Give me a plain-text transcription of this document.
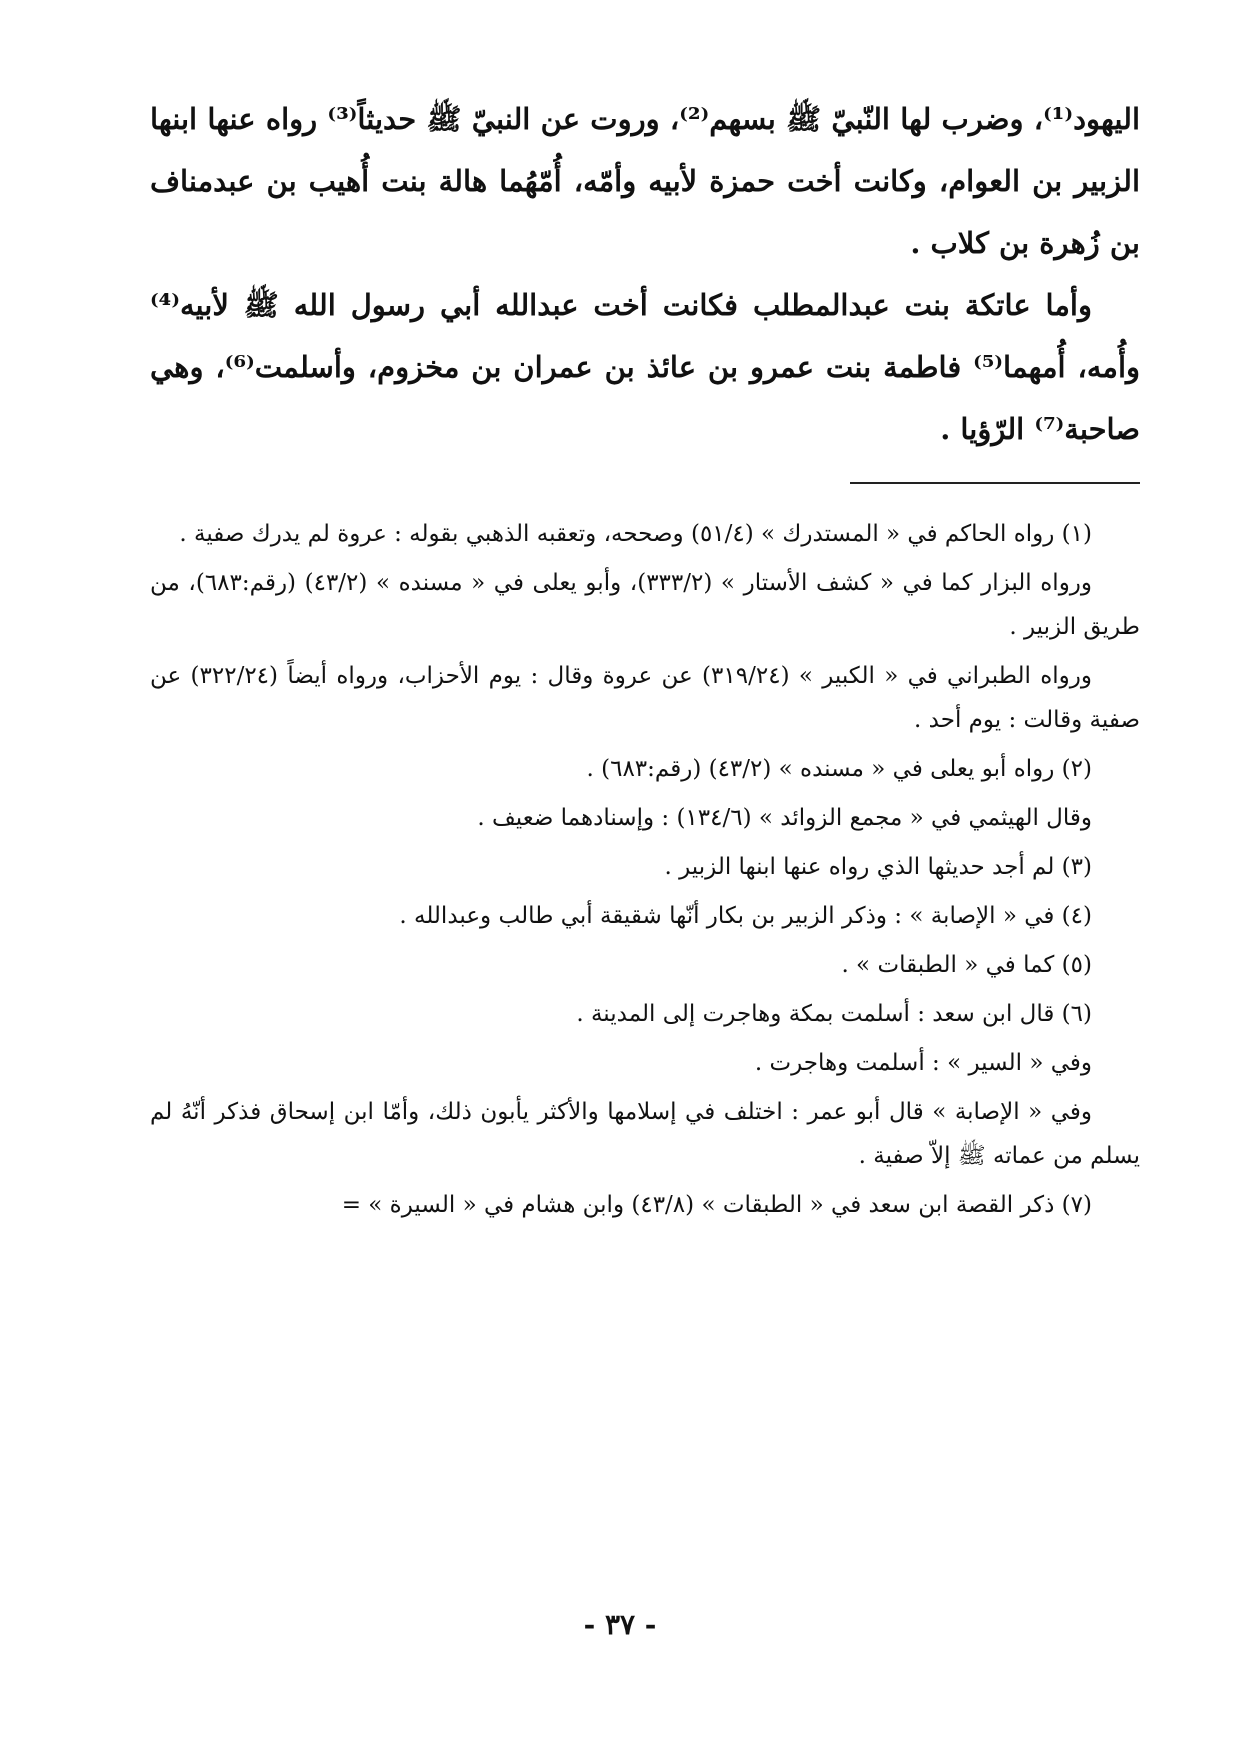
اليهود⁽¹⁾، وضرب لها النّبيّ ﷺ بسهم⁽²⁾، وروت عن النبيّ ﷺ حديثاً⁽³⁾ رواه عنها ابنها الزبير بن العوام، وكانت أخت حمزة لأبيه وأمّه، أُمّهُما هالة بنت أُهيب بن عبدمناف بن زُهرة بن كلاب .

وأما عاتكة بنت عبدالمطلب فكانت أخت عبدالله أبي رسول الله ﷺ لأبيه⁽⁴⁾ وأُمه، أُمهما⁽⁵⁾ فاطمة بنت عمرو بن عائذ بن عمران بن مخزوم، وأسلمت⁽⁶⁾، وهي صاحبة⁽⁷⁾ الرّؤيا .

(١) رواه الحاكم في « المستدرك » (٥١/٤) وصححه، وتعقبه الذهبي بقوله : عروة لم يدرك صفية .

ورواه البزار كما في « كشف الأستار » (٣٣٣/٢)، وأبو يعلى في « مسنده » (٤٣/٢) (رقم:٦٨٣)، من طريق الزبير .

ورواه الطبراني في « الكبير » (٣١٩/٢٤) عن عروة وقال : يوم الأحزاب، ورواه أيضاً (٣٢٢/٢٤) عن صفية وقالت : يوم أحد .

(٢) رواه أبو يعلى في « مسنده » (٤٣/٢) (رقم:٦٨٣) .

وقال الهيثمي في « مجمع الزوائد » (١٣٤/٦) : وإسنادهما ضعيف .

(٣) لم أجد حديثها الذي رواه عنها ابنها الزبير .

(٤) في « الإصابة » : وذكر الزبير بن بكار أنّها شقيقة أبي طالب وعبدالله .

(٥) كما في « الطبقات » .

(٦) قال ابن سعد : أسلمت بمكة وهاجرت إلى المدينة .

وفي « السير » : أسلمت وهاجرت .

وفي « الإصابة » قال أبو عمر : اختلف في إسلامها والأكثر يأبون ذلك، وأمّا ابن إسحاق فذكر أنّهُ لم يسلم من عماته ﷺ إلاّ صفية .

(٧) ذكر القصة ابن سعد في « الطبقات » (٤٣/٨) وابن هشام في « السيرة » =

- ٣٧ -
